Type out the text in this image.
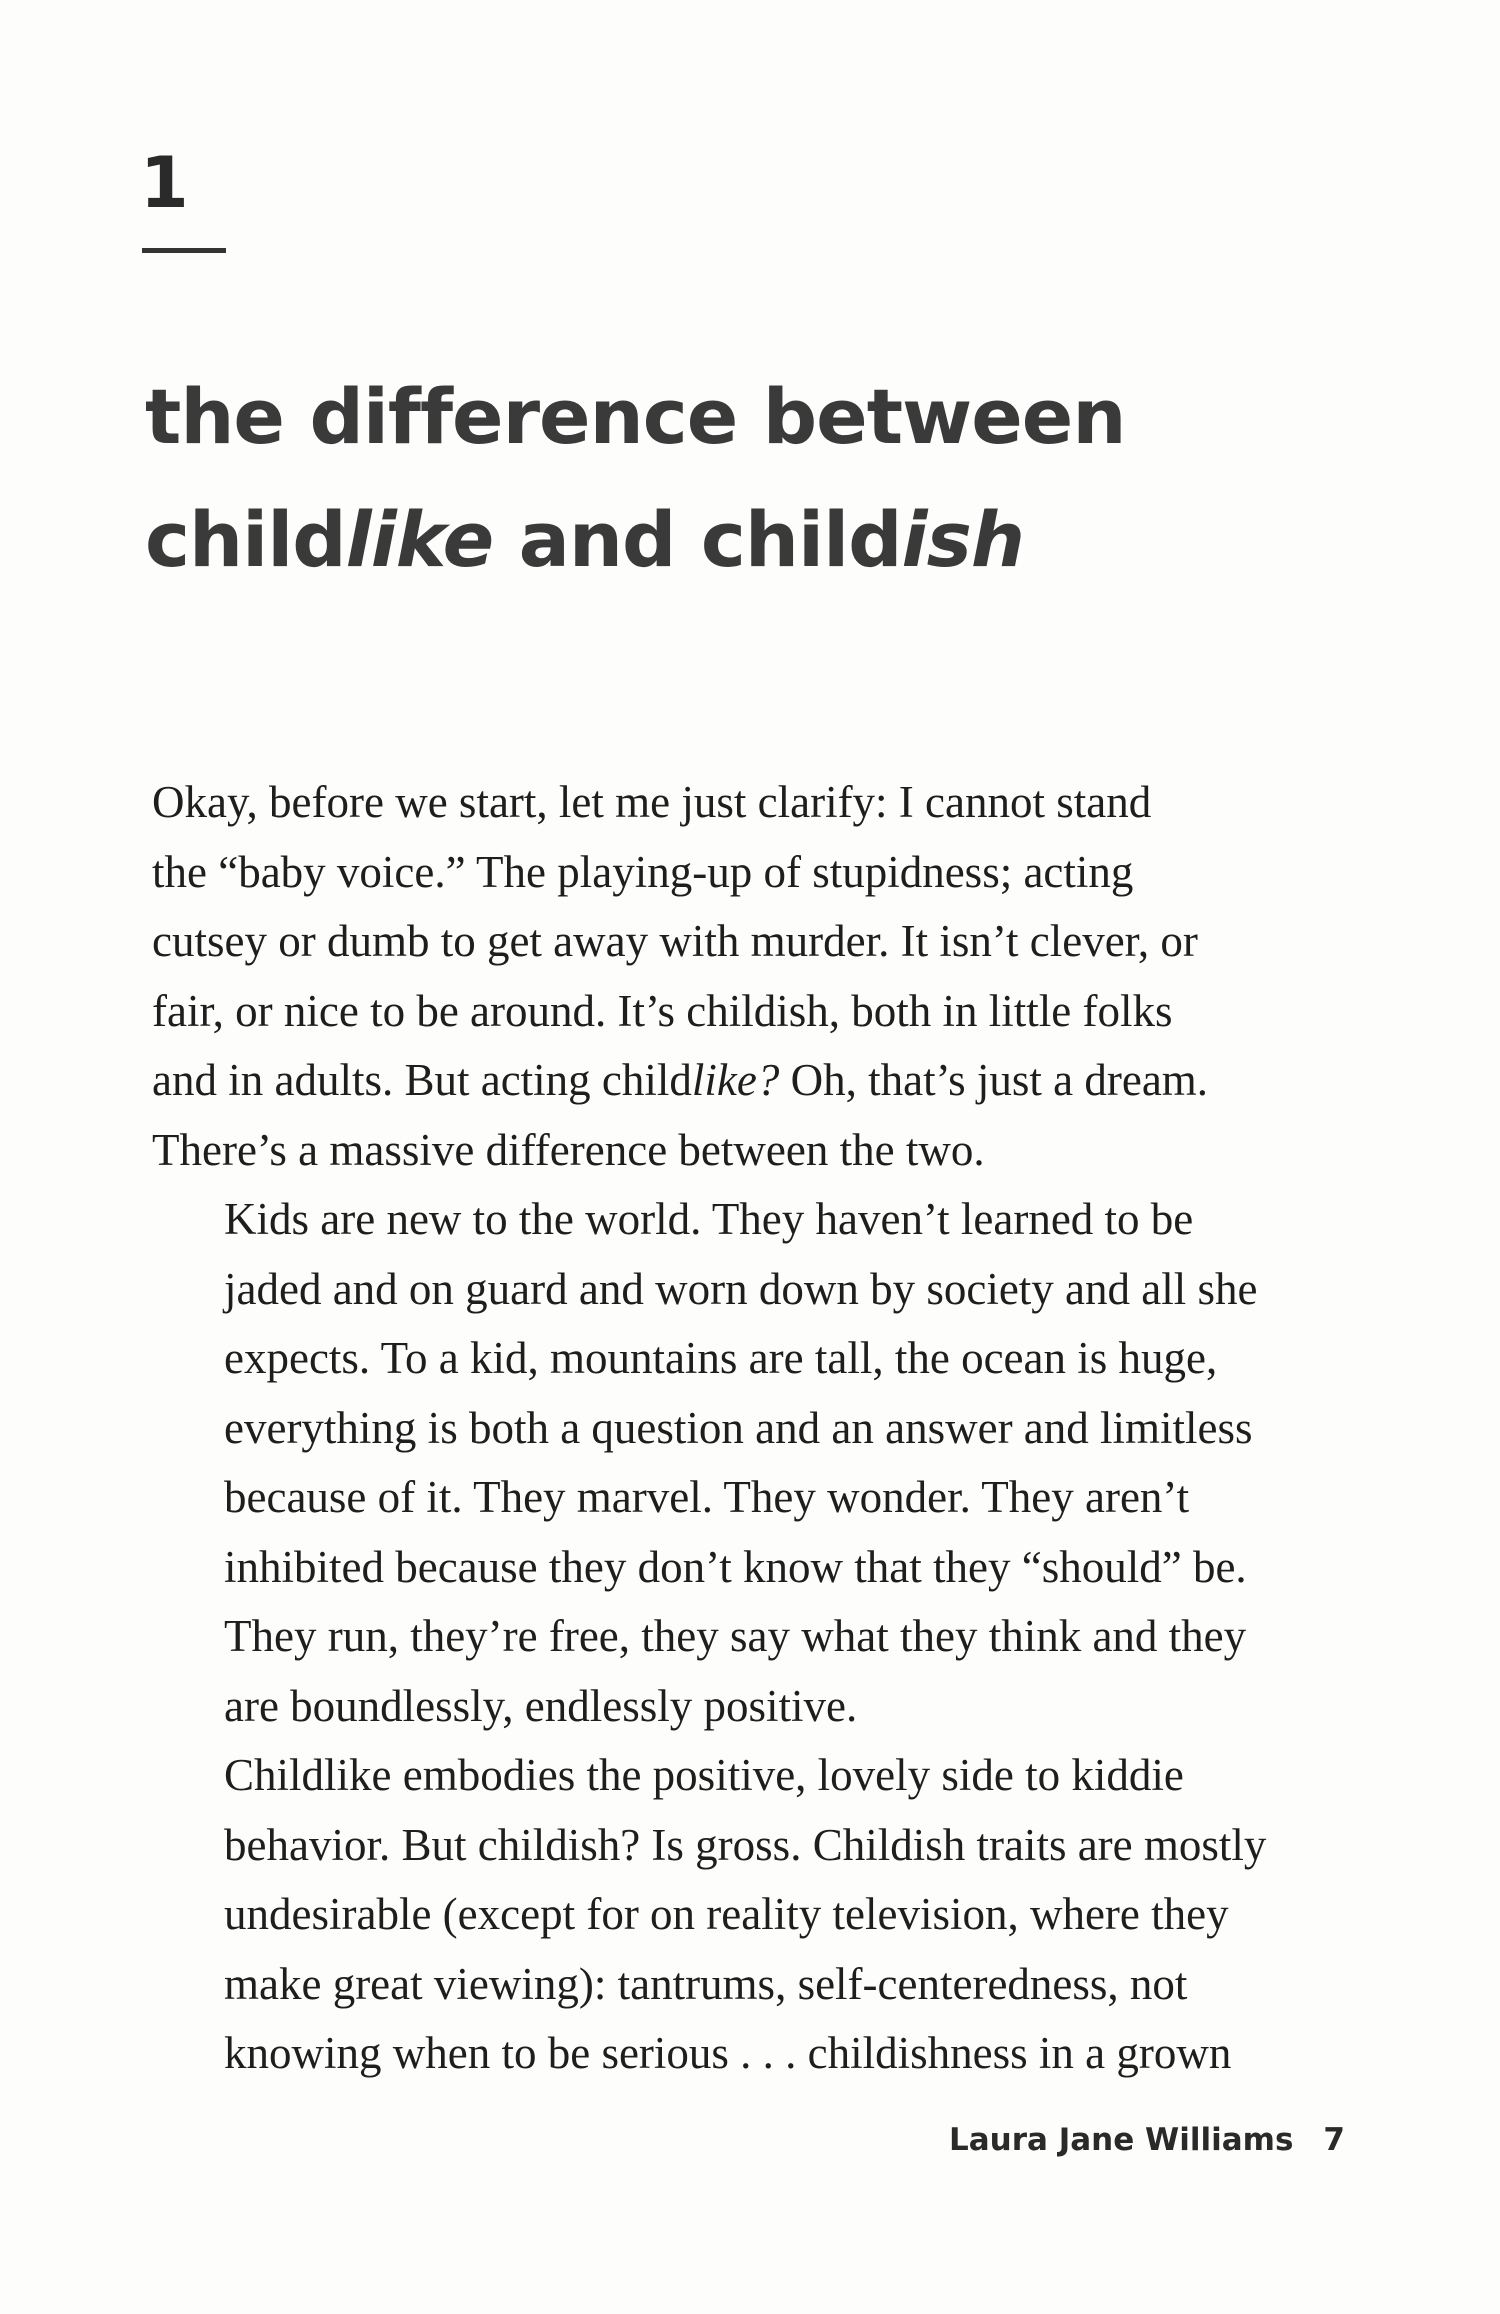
1
the difference between
childlike and childish

Okay, before we start, let me just clarify: I cannot stand
the “baby voice.” The playing-up of stupidness; acting
cutsey or dumb to get away with murder. It isn’t clever, or
fair, or nice to be around. It’s childish, both in little folks
and in adults. But acting childlike? Oh, that’s just a dream.
There’s a massive difference between the two.

Kids are new to the world. They haven’t learned to be
jaded and on guard and worn down by society and all she
expects. To a kid, mountains are tall, the ocean is huge,
everything is both a question and an answer and limitless
because of it. They marvel. They wonder. They aren’t
inhibited because they don’t know that they “should” be.
They run, they’re free, they say what they think and they
are boundlessly, endlessly positive.

Childlike embodies the positive, lovely side to kiddie
behavior. But childish? Is gross. Childish traits are mostly
undesirable (except for on reality television, where they
make great viewing): tantrums, self-centeredness, not
knowing when to be serious . . . childishness in a grown

Laura Jane Williams 7
